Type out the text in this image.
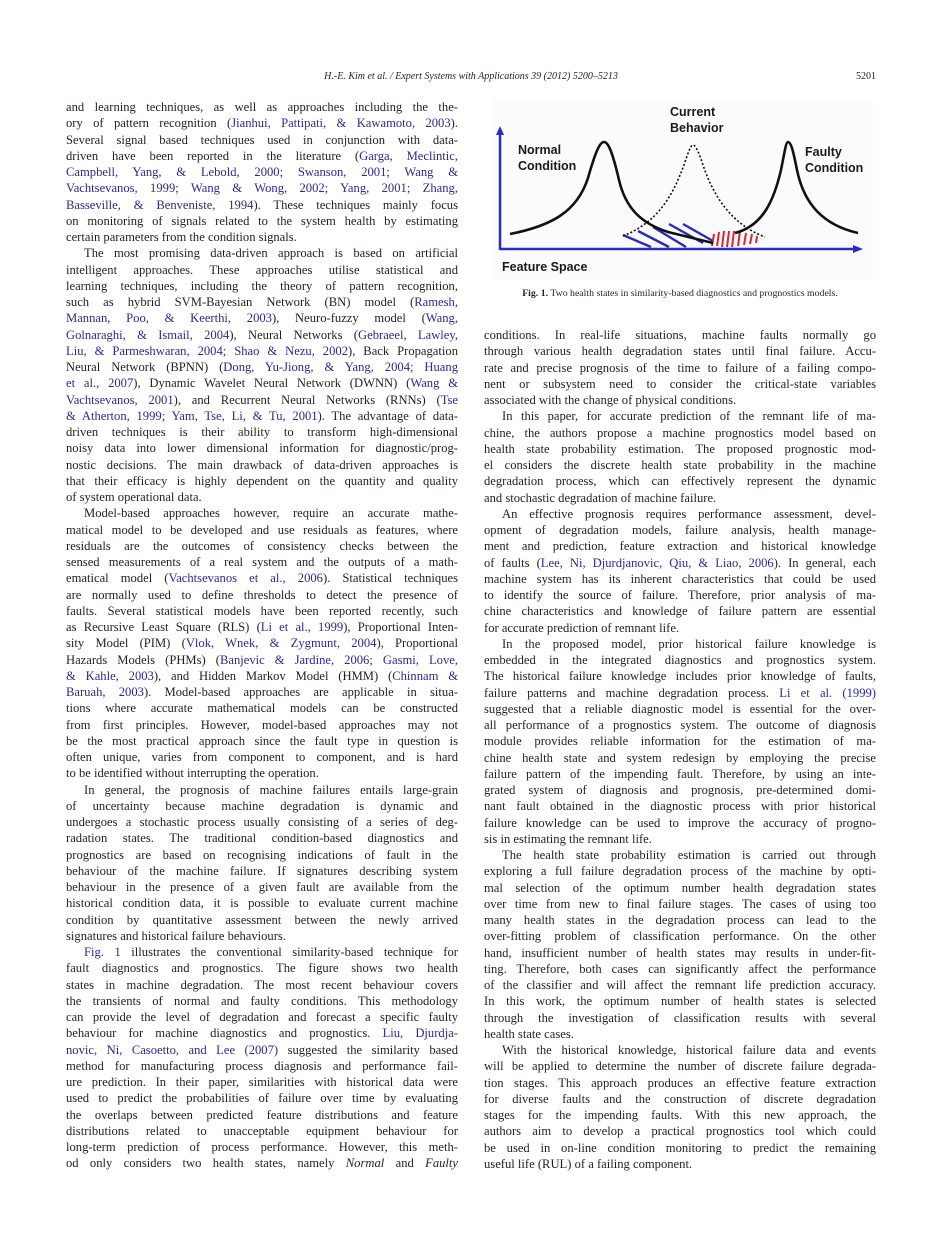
H.-E. Kim et al. / Expert Systems with Applications 39 (2012) 5200–5213	5201
and learning techniques, as well as approaches including the the-
ory of pattern recognition (Jianhui, Pattipati, & Kawamoto, 2003).
Several signal based techniques used in conjunction with data-
driven have been reported in the literature (Garga, Meclintic,
Campbell, Yang, & Lebold, 2000; Swanson, 2001; Wang &
Vachtsevanos, 1999; Wang & Wong, 2002; Yang, 2001; Zhang,
Basseville, & Benveniste, 1994). These techniques mainly focus
on monitoring of signals related to the system health by estimating
certain parameters from the condition signals.
The most promising data-driven approach is based on artificial
intelligent approaches. These approaches utilise statistical and
learning techniques, including the theory of pattern recognition,
such as hybrid SVM-Bayesian Network (BN) model (Ramesh,
Mannan, Poo, & Keerthi, 2003), Neuro-fuzzy model (Wang,
Golnaraghi, & Ismail, 2004), Neural Networks (Gebraeel, Lawley,
Liu, & Parmeshwaran, 2004; Shao & Nezu, 2002), Back Propagation
Neural Network (BPNN) (Dong, Yu-Jiong, & Yang, 2004; Huang
et al., 2007), Dynamic Wavelet Neural Network (DWNN) (Wang &
Vachtsevanos, 2001), and Recurrent Neural Networks (RNNs) (Tse
& Atherton, 1999; Yam, Tse, Li, & Tu, 2001). The advantage of data-
driven techniques is their ability to transform high-dimensional
noisy data into lower dimensional information for diagnostic/prog-
nostic decisions. The main drawback of data-driven approaches is
that their efficacy is highly dependent on the quantity and quality
of system operational data.
Model-based approaches however, require an accurate mathe-
matical model to be developed and use residuals as features, where
residuals are the outcomes of consistency checks between the
sensed measurements of a real system and the outputs of a math-
ematical model (Vachtsevanos et al., 2006). Statistical techniques
are normally used to define thresholds to detect the presence of
faults. Several statistical models have been reported recently, such
as Recursive Least Square (RLS) (Li et al., 1999), Proportional Inten-
sity Model (PIM) (Vlok, Wnek, & Zygmunt, 2004), Proportional
Hazards Models (PHMs) (Banjevic & Jardine, 2006; Gasmi, Love,
& Kahle, 2003), and Hidden Markov Model (HMM) (Chinnam &
Baruah, 2003). Model-based approaches are applicable in situa-
tions where accurate mathematical models can be constructed
from first principles. However, model-based approaches may not
be the most practical approach since the fault type in question is
often unique, varies from component to component, and is hard
to be identified without interrupting the operation.
In general, the prognosis of machine failures entails large-grain
of uncertainty because machine degradation is dynamic and
undergoes a stochastic process usually consisting of a series of deg-
radation states. The traditional condition-based diagnostics and
prognostics are based on recognising indications of fault in the
behaviour of the machine failure. If signatures describing system
behaviour in the presence of a given fault are available from the
historical condition data, it is possible to evaluate current machine
condition by quantitative assessment between the newly arrived
signatures and historical failure behaviours.
Fig. 1 illustrates the conventional similarity-based technique for
fault diagnostics and prognostics. The figure shows two health
states in machine degradation. The most recent behaviour covers
the transients of normal and faulty conditions. This methodology
can provide the level of degradation and forecast a specific faulty
behaviour for machine diagnostics and prognostics. Liu, Djurdja-
novic, Ni, Casoetto, and Lee (2007) suggested the similarity based
method for manufacturing process diagnosis and performance fail-
ure prediction. In their paper, similarities with historical data were
used to predict the probabilities of failure over time by evaluating
the overlaps between predicted feature distributions and feature
distributions related to unacceptable equipment behaviour for
long-term prediction of process performance. However, this meth-
od only considers two health states, namely Normal and Faulty
Normal
Condition
Current
Behavior
Faulty
Condition
Feature Space
Fig. 1. Two health states in similarity-based diagnostics and prognostics models.
conditions. In real-life situations, machine faults normally go
through various health degradation states until final failure. Accu-
rate and precise prognosis of the time to failure of a failing compo-
nent or subsystem need to consider the critical-state variables
associated with the change of physical conditions.
In this paper, for accurate prediction of the remnant life of ma-
chine, the authors propose a machine prognostics model based on
health state probability estimation. The proposed prognostic mod-
el considers the discrete health state probability in the machine
degradation process, which can effectively represent the dynamic
and stochastic degradation of machine failure.
An effective prognosis requires performance assessment, devel-
opment of degradation models, failure analysis, health manage-
ment and prediction, feature extraction and historical knowledge
of faults (Lee, Ni, Djurdjanovic, Qiu, & Liao, 2006). In general, each
machine system has its inherent characteristics that could be used
to identify the source of failure. Therefore, prior analysis of ma-
chine characteristics and knowledge of failure pattern are essential
for accurate prediction of remnant life.
In the proposed model, prior historical failure knowledge is
embedded in the integrated diagnostics and prognostics system.
The historical failure knowledge includes prior knowledge of faults,
failure patterns and machine degradation process. Li et al. (1999)
suggested that a reliable diagnostic model is essential for the over-
all performance of a prognostics system. The outcome of diagnosis
module provides reliable information for the estimation of ma-
chine health state and system redesign by employing the precise
failure pattern of the impending fault. Therefore, by using an inte-
grated system of diagnosis and prognosis, pre-determined domi-
nant fault obtained in the diagnostic process with prior historical
failure knowledge can be used to improve the accuracy of progno-
sis in estimating the remnant life.
The health state probability estimation is carried out through
exploring a full failure degradation process of the machine by opti-
mal selection of the optimum number health degradation states
over time from new to final failure stages. The cases of using too
many health states in the degradation process can lead to the
over-fitting problem of classification performance. On the other
hand, insufficient number of health states may results in under-fit-
ting. Therefore, both cases can significantly affect the performance
of the classifier and will affect the remnant life prediction accuracy.
In this work, the optimum number of health states is selected
through the investigation of classification results with several
health state cases.
With the historical knowledge, historical failure data and events
will be applied to determine the number of discrete failure degrada-
tion stages. This approach produces an effective feature extraction
for diverse faults and the construction of discrete degradation
stages for the impending faults. With this new approach, the
authors aim to develop a practical prognostics tool which could
be used in on-line condition monitoring to predict the remaining
useful life (RUL) of a failing component.
